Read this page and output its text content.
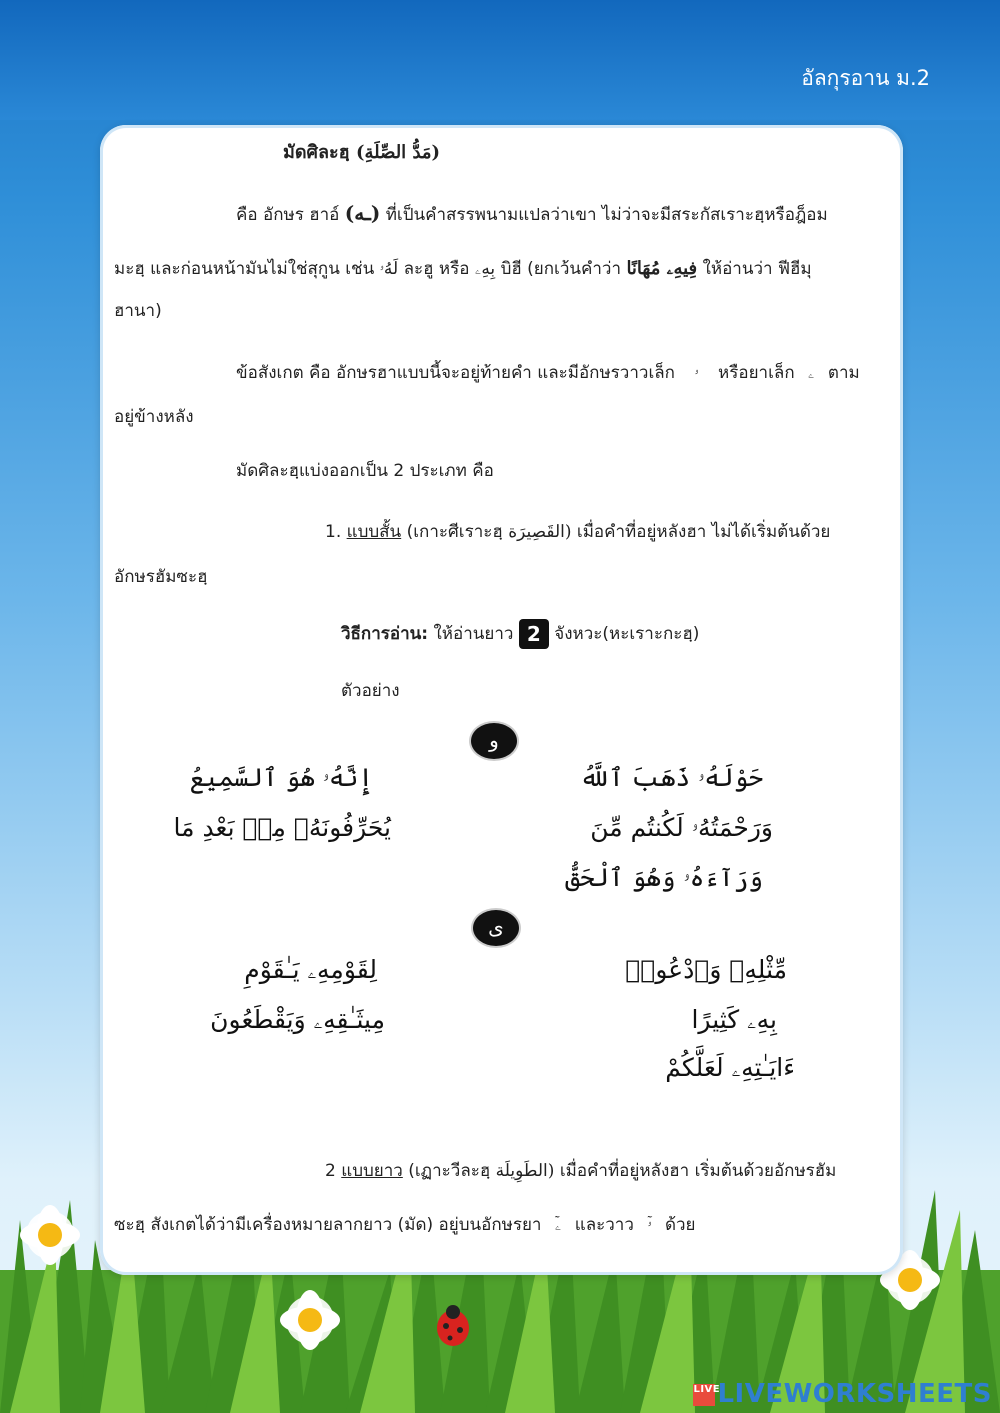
อัลกุรอาน ม.2
มัดศิละฮฺ (مَدُّ الصِّلَةِ)
คือ อักษร ฮาอ์ (ـه) ที่เป็นคำสรรพนามแปลว่าเขา ไม่ว่าจะมีสระกัสเราะฮฺหรือฎ็อม
มะฮฺ และก่อนหน้ามันไม่ใช่สุกูน เช่น لَهُۥ ละฮู หรือ بِهِۦ บิฮี (ยกเว้นคำว่า فِيهِۦ مُهَانًا ให้อ่านว่า ฟีฮีมุ
ฮานา)
ข้อสังเกต คือ อักษรฮาแบบนี้จะอยู่ท้ายคำ และมีอักษรวาวเล็ก ۥ หรือยาเล็ก ۦ ตาม
อยู่ข้างหลัง
มัดศิละฮฺแบ่งออกเป็น 2 ประเภท คือ
1. แบบสั้น (เกาะศีเราะฮฺ (القَصِيرَة เมื่อคำที่อยู่หลังฮา ไม่ได้เริ่มต้นด้วย
อักษรฮัมซะฮฺ
วิธีการอ่าน: ให้อ่านยาว 2 จังหวะ(หะเราะกะฮฺ)
ตัวอย่าง
و
حَوْلَهُۥ ذَهَبَ ٱللَّهُ
وَرَحْمَتُهُۥ لَكُنتُم مِّنَ
وَرَآءَهُۥ وَهُوَ ٱلْحَقُّ
إِنَّهُۥ هُوَ ٱلسَّمِيعُ
يُحَرِّفُونَهُۥ مِنۢ بَعْدِ مَا
ی
مِّثْلِهِۦ وَٱدْعُوا۟
بِهِۦ كَثِيرًا
ءَايَـٰتِهِۦ لَعَلَّكُمْ
لِقَوْمِهِۦ يَـٰقَوْمِ
مِيثَـٰقِهِۦ وَيَقْطَعُونَ
2 แบบยาว (เฏาะวีละฮฺ (الطَوِيلَة เมื่อคำที่อยู่หลังฮา เริ่มต้นด้วยอักษรฮัม
ซะฮฺ สังเกตได้ว่ามีเครื่องหมายลากยาว (มัด) อยู่บนอักษรยา ۦٓ และวาว ۥٓ ด้วย
LIVELIVEWORKSHEETS
